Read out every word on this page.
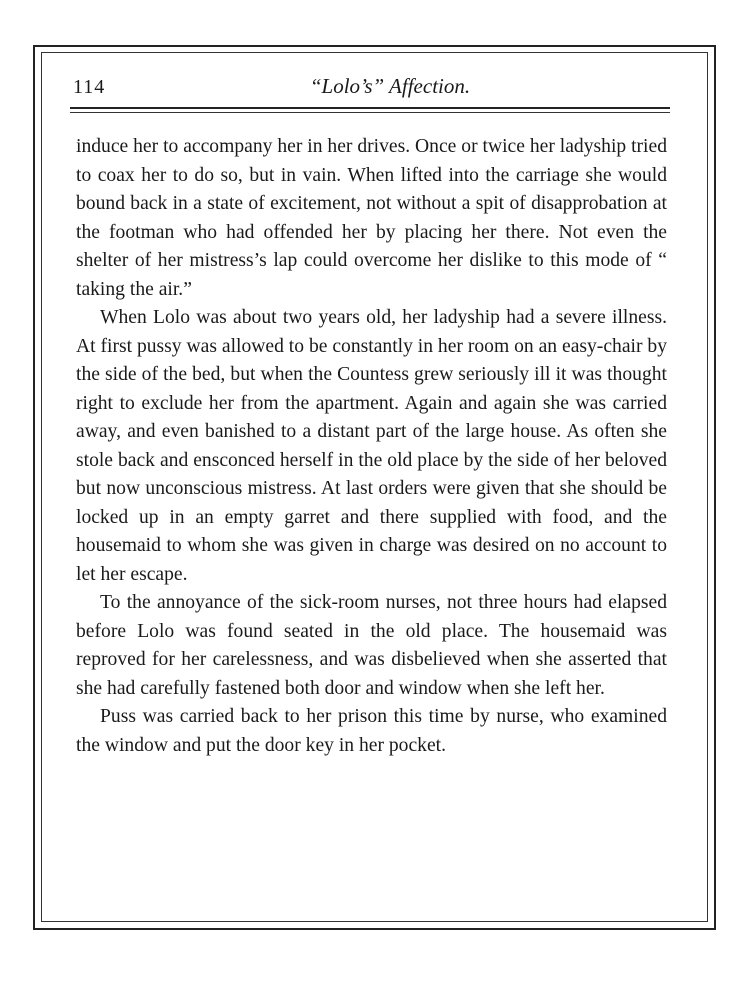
114	“Lolo’s” Affection.

induce her to accompany her in her drives. Once or twice her ladyship tried to coax her to do so, but in vain. When lifted into the carriage she would bound back in a state of excitement, not without a spit of disapprobation at the footman who had offended her by placing her there. Not even the shelter of her mistress’s lap could overcome her dislike to this mode of “ taking the air.”

When Lolo was about two years old, her ladyship had a severe illness. At first pussy was allowed to be constantly in her room on an easy-chair by the side of the bed, but when the Countess grew seriously ill it was thought right to exclude her from the apartment. Again and again she was carried away, and even banished to a distant part of the large house. As often she stole back and ensconced herself in the old place by the side of her beloved but now unconscious mistress. At last orders were given that she should be locked up in an empty garret and there supplied with food, and the housemaid to whom she was given in charge was desired on no account to let her escape.

To the annoyance of the sick-room nurses, not three hours had elapsed before Lolo was found seated in the old place. The housemaid was reproved for her carelessness, and was disbelieved when she asserted that she had carefully fastened both door and window when she left her.

Puss was carried back to her prison this time by nurse, who examined the window and put the door key in her pocket.
